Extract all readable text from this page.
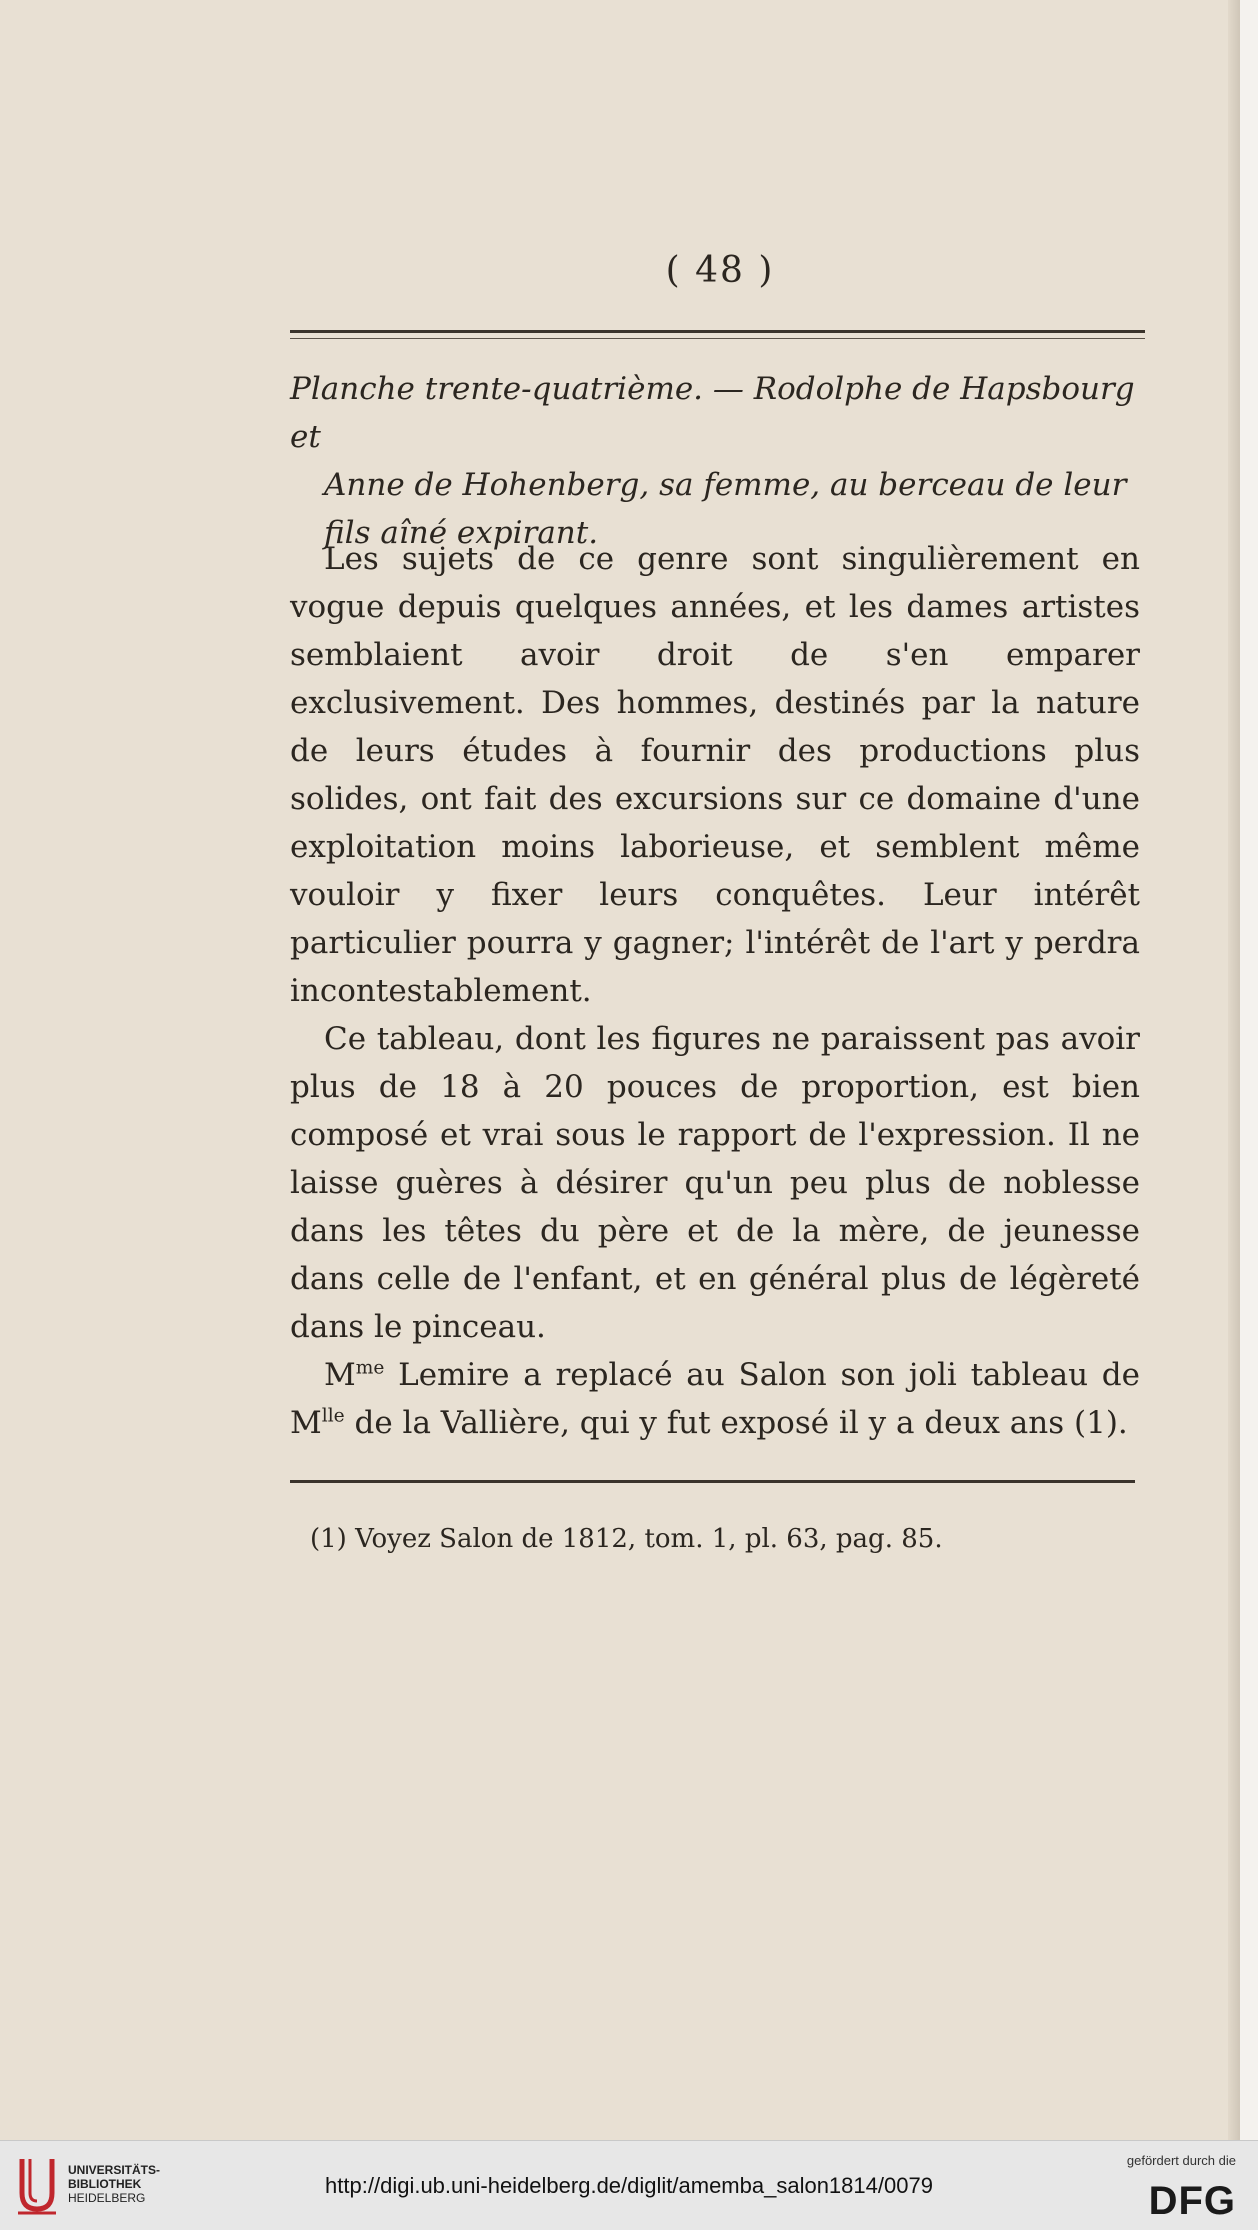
( 48 )
Planche trente-quatrième. — Rodolphe de Hapsbourg et
Anne de Hohenberg, sa femme, au berceau de leur
fils aîné expirant.

Les sujets de ce genre sont singulièrement en vogue depuis quelques années, et les dames artistes semblaient avoir droit de s'en emparer exclusivement. Des hommes, destinés par la nature de leurs études à fournir des productions plus solides, ont fait des excursions sur ce domaine d'une exploitation moins laborieuse, et semblent même vouloir y fixer leurs conquêtes. Leur intérêt particulier pourra y gagner; l'intérêt de l'art y perdra incontestablement.

Ce tableau, dont les figures ne paraissent pas avoir plus de 18 à 20 pouces de proportion, est bien composé et vrai sous le rapport de l'expression. Il ne laisse guères à désirer qu'un peu plus de noblesse dans les têtes du père et de la mère, de jeunesse dans celle de l'enfant, et en général plus de légèreté dans le pinceau.

$M^{me}$ Lemire a replacé au Salon son joli tableau de $M^{lle}$ de la Vallière, qui y fut exposé il y a deux ans (1).

(1) Voyez Salon de 1812, tom. 1, pl. 63, pag. 85.
UNIVERSITÄTS-
BIBLIOTHEK
HEIDELBERG	http://digi.ub.uni-heidelberg.de/diglit/amemba_salon1814/0079
gefördert durch die
DFG
